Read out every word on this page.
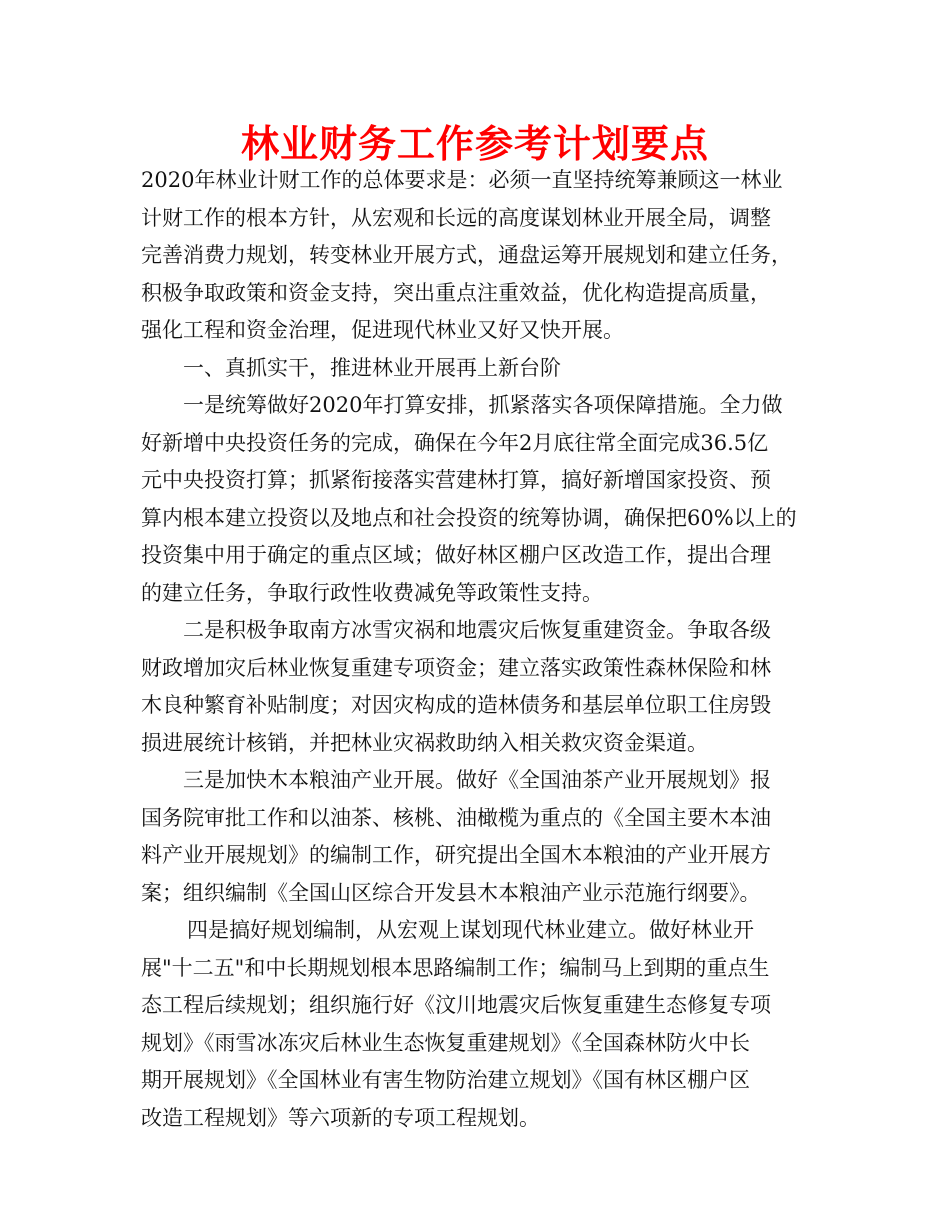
林业财务工作参考计划要点
2020年林业计财工作的总体要求是：必须一直坚持统筹兼顾这一林业
计财工作的根本方针，从宏观和长远的高度谋划林业开展全局，调整
完善消费力规划，转变林业开展方式，通盘运筹开展规划和建立任务，
积极争取政策和资金支持，突出重点注重效益，优化构造提高质量，
强化工程和资金治理，促进现代林业又好又快开展。
一、真抓实干，推进林业开展再上新台阶
一是统筹做好2020年打算安排，抓紧落实各项保障措施。全力做
好新增中央投资任务的完成，确保在今年2月底往常全面完成36.5亿
元中央投资打算；抓紧衔接落实营建林打算，搞好新增国家投资、预
算内根本建立投资以及地点和社会投资的统筹协调，确保把60%以上的
投资集中用于确定的重点区域；做好林区棚户区改造工作，提出合理
的建立任务，争取行政性收费减免等政策性支持。
二是积极争取南方冰雪灾祸和地震灾后恢复重建资金。争取各级
财政增加灾后林业恢复重建专项资金；建立落实政策性森林保险和林
木良种繁育补贴制度；对因灾构成的造林债务和基层单位职工住房毁
损进展统计核销，并把林业灾祸救助纳入相关救灾资金渠道。
三是加快木本粮油产业开展。做好《全国油茶产业开展规划》报
国务院审批工作和以油茶、核桃、油橄榄为重点的《全国主要木本油
料产业开展规划》的编制工作，研究提出全国木本粮油的产业开展方
案；组织编制《全国山区综合开发县木本粮油产业示范施行纲要》。
四是搞好规划编制，从宏观上谋划现代林业建立。做好林业开
展"十二五"和中长期规划根本思路编制工作；编制马上到期的重点生
态工程后续规划；组织施行好《汶川地震灾后恢复重建生态修复专项
规划》《雨雪冰冻灾后林业生态恢复重建规划》《全国森林防火中长
期开展规划》《全国林业有害生物防治建立规划》《国有林区棚户区
改造工程规划》等六项新的专项工程规划。
